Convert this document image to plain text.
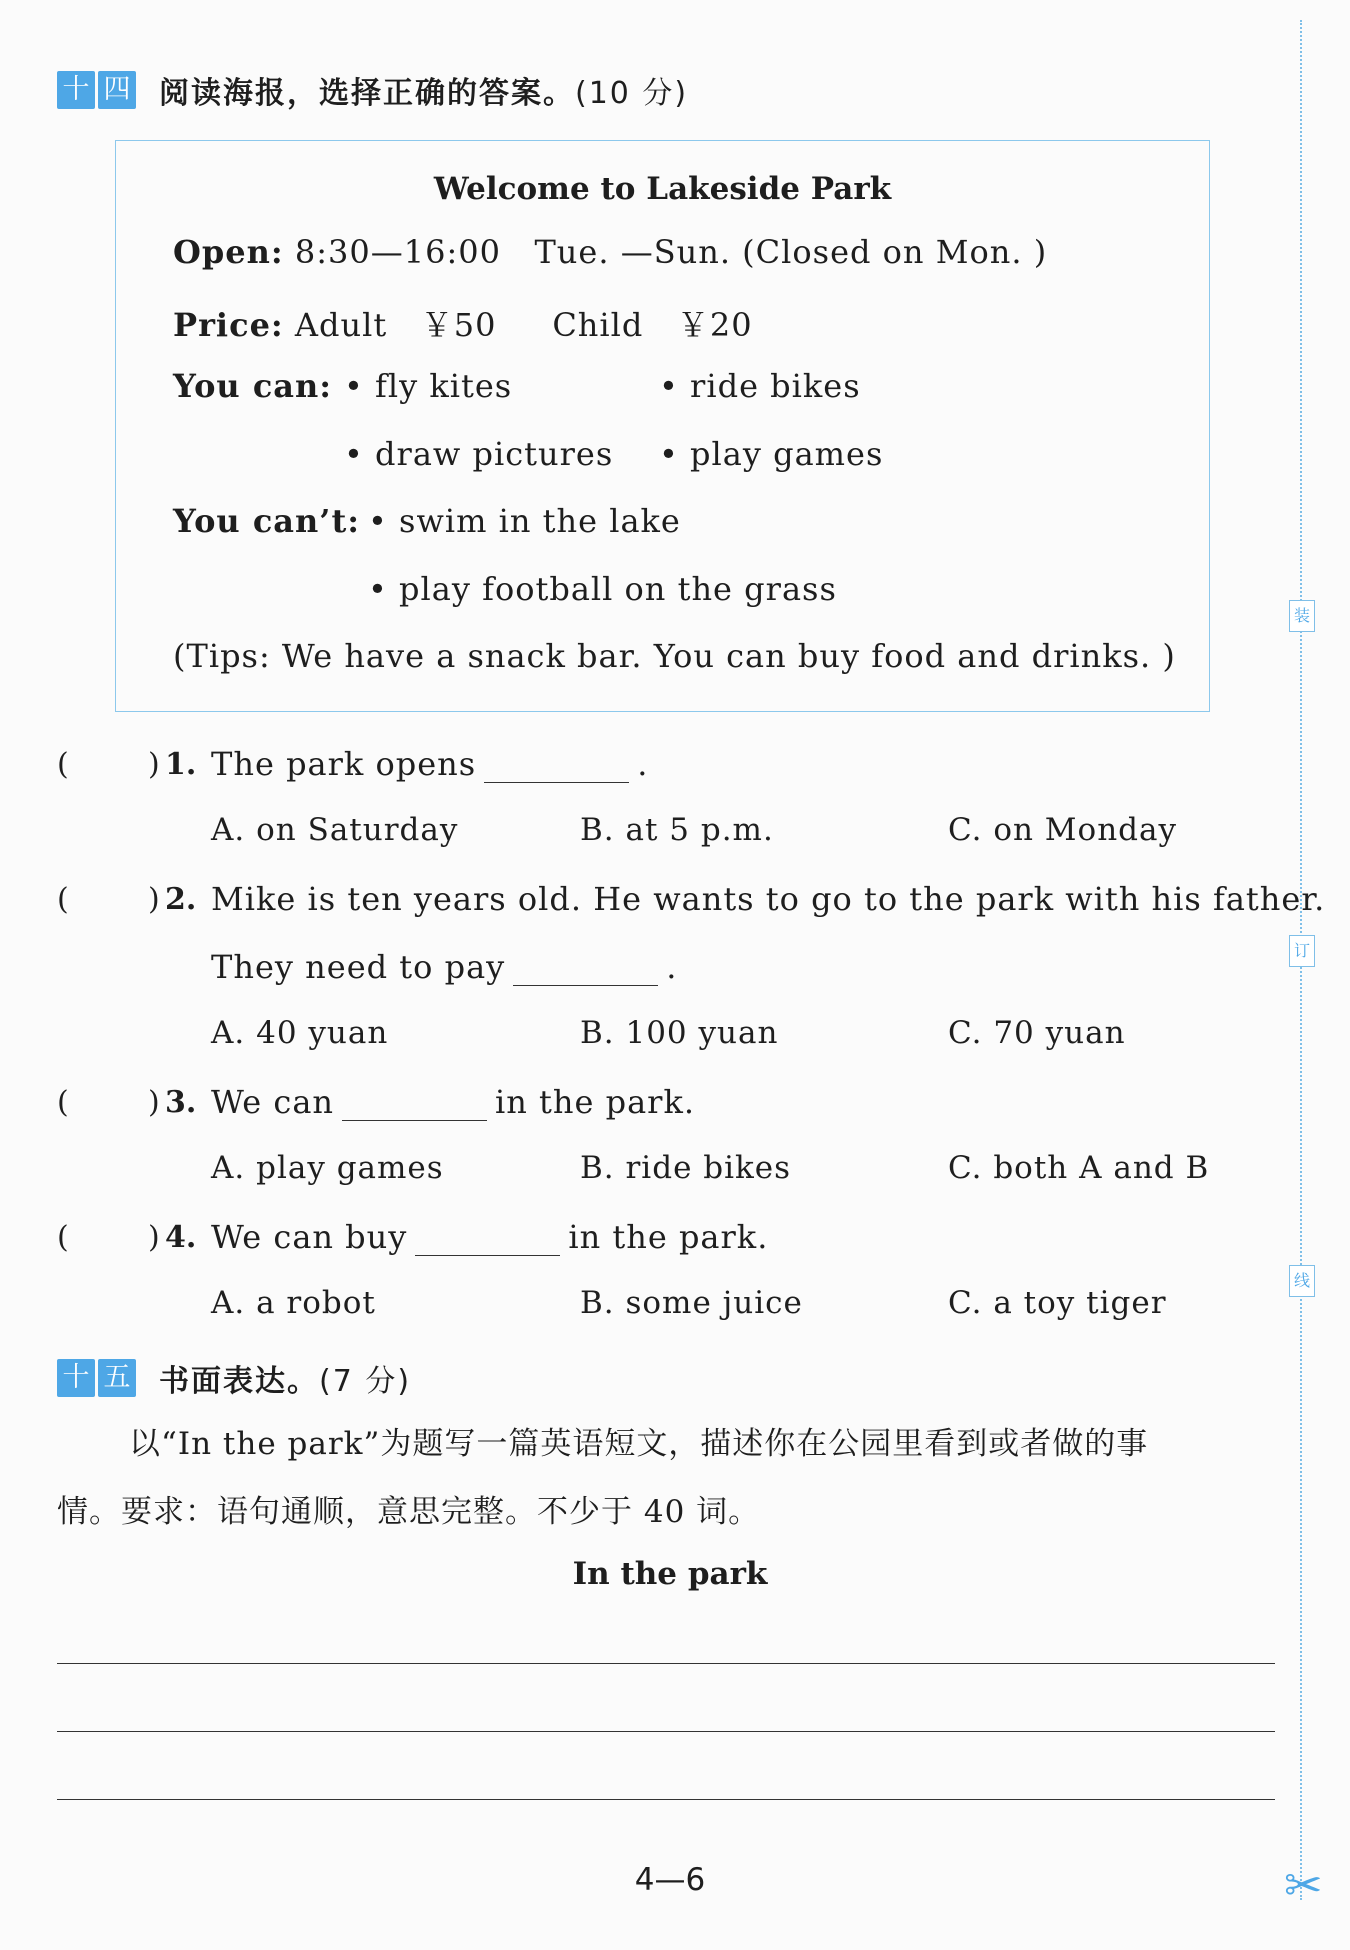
装
订
线
✂
十 四 阅读海报，选择正确的答案。(10 分)
Welcome to Lakeside Park
Open: 8:30—16:00 Tue. —Sun. (Closed on Mon. )
Price: Adult ￥50 Child ￥20
You can:	• fly kites	• ride bikes
• draw pictures	• play games
You can’t:	• swim in the lake
• play football on the grass
(Tips: We have a snack bar. You can buy food and drinks. )
(	) 1. The park opens	.
A. on Saturday	B. at 5 p.m.	C. on Monday
(	) 2. Mike is ten years old. He wants to go to the park with his father.
They need to pay	.
A. 40 yuan	B. 100 yuan	C. 70 yuan
(	) 3. We can	in the park.
A. play games	B. ride bikes	C. both A and B
(	) 4. We can buy	in the park.
A. a robot	B. some juice	C. a toy tiger
十 五 书面表达。(7 分)
以“In the park”为题写一篇英语短文，描述你在公园里看到或者做的事
情。要求：语句通顺，意思完整。不少于 40 词。
In the park
4—6
